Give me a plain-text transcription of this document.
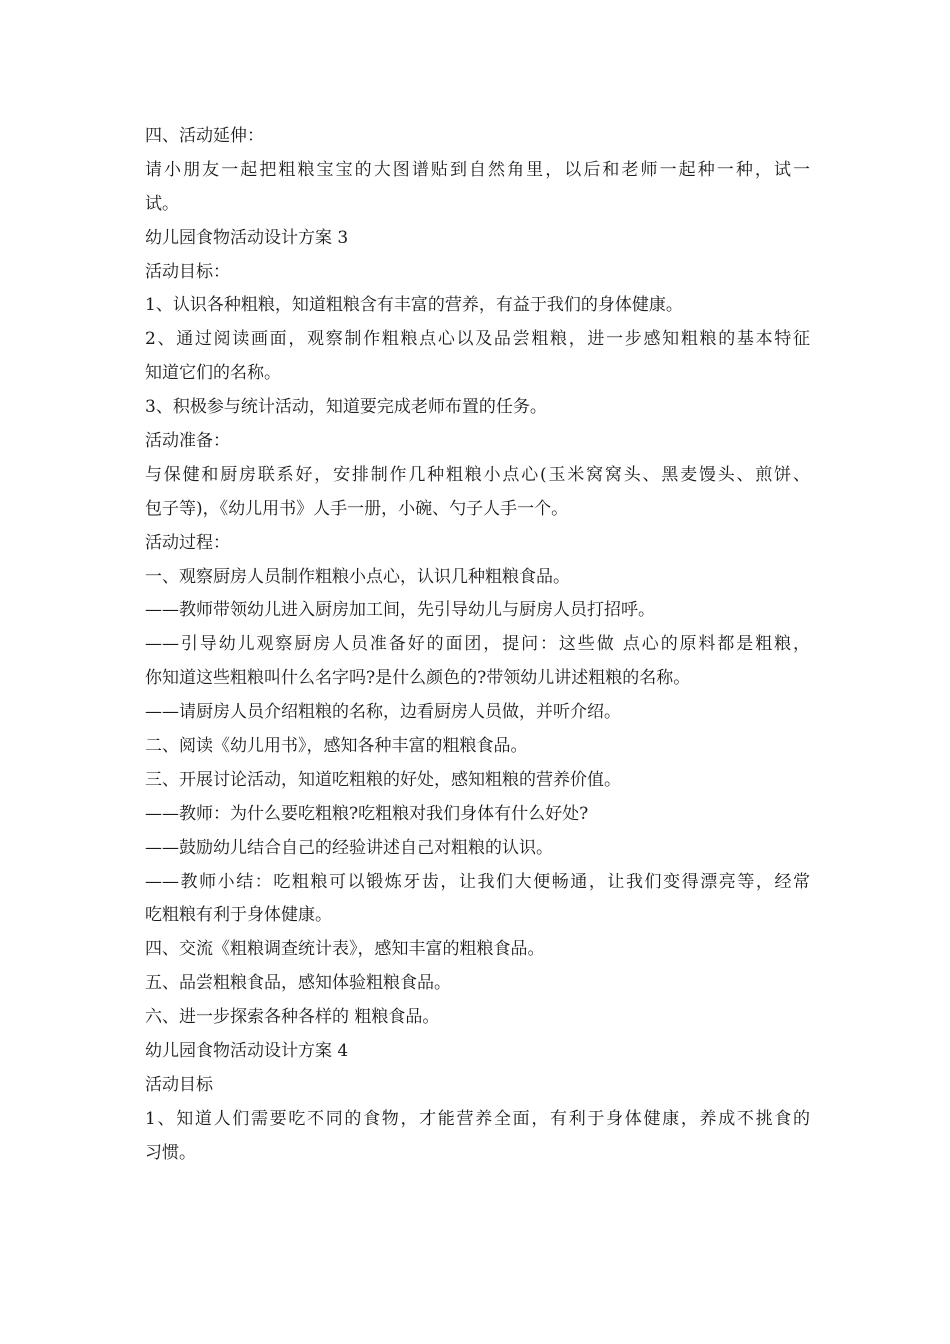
四、活动延伸：
请小朋友一起把粗粮宝宝的大图谱贴到自然角里，以后和老师一起种一种，试一
试。
幼儿园食物活动设计方案 3
活动目标：
1、认识各种粗粮，知道粗粮含有丰富的营养，有益于我们的身体健康。
2、通过阅读画面，观察制作粗粮点心以及品尝粗粮，进一步感知粗粮的基本特征
知道它们的名称。
3、积极参与统计活动，知道要完成老师布置的任务。
活动准备：
与保健和厨房联系好，安排制作几种粗粮小点心(玉米窝窝头、黑麦馒头、煎饼、
包子等)，《幼儿用书》人手一册，小碗、勺子人手一个。
活动过程：
一、观察厨房人员制作粗粮小点心，认识几种粗粮食品。
——教师带领幼儿进入厨房加工间，先引导幼儿与厨房人员打招呼。
——引导幼儿观察厨房人员准备好的面团，提问：这些做 点心的原料都是粗粮，
你知道这些粗粮叫什么名字吗?是什么颜色的?带领幼儿讲述粗粮的名称。
——请厨房人员介绍粗粮的名称，边看厨房人员做，并听介绍。
二、阅读《幼儿用书》，感知各种丰富的粗粮食品。
三、开展讨论活动，知道吃粗粮的好处，感知粗粮的营养价值。
——教师：为什么要吃粗粮?吃粗粮对我们身体有什么好处?
——鼓励幼儿结合自己的经验讲述自己对粗粮的认识。
——教师小结：吃粗粮可以锻炼牙齿，让我们大便畅通，让我们变得漂亮等，经常
吃粗粮有利于身体健康。
四、交流《粗粮调查统计表》，感知丰富的粗粮食品。
五、品尝粗粮食品，感知体验粗粮食品。
六、进一步探索各种各样的 粗粮食品。
幼儿园食物活动设计方案 4
活动目标
1、知道人们需要吃不同的食物，才能营养全面，有利于身体健康，养成不挑食的
习惯。
